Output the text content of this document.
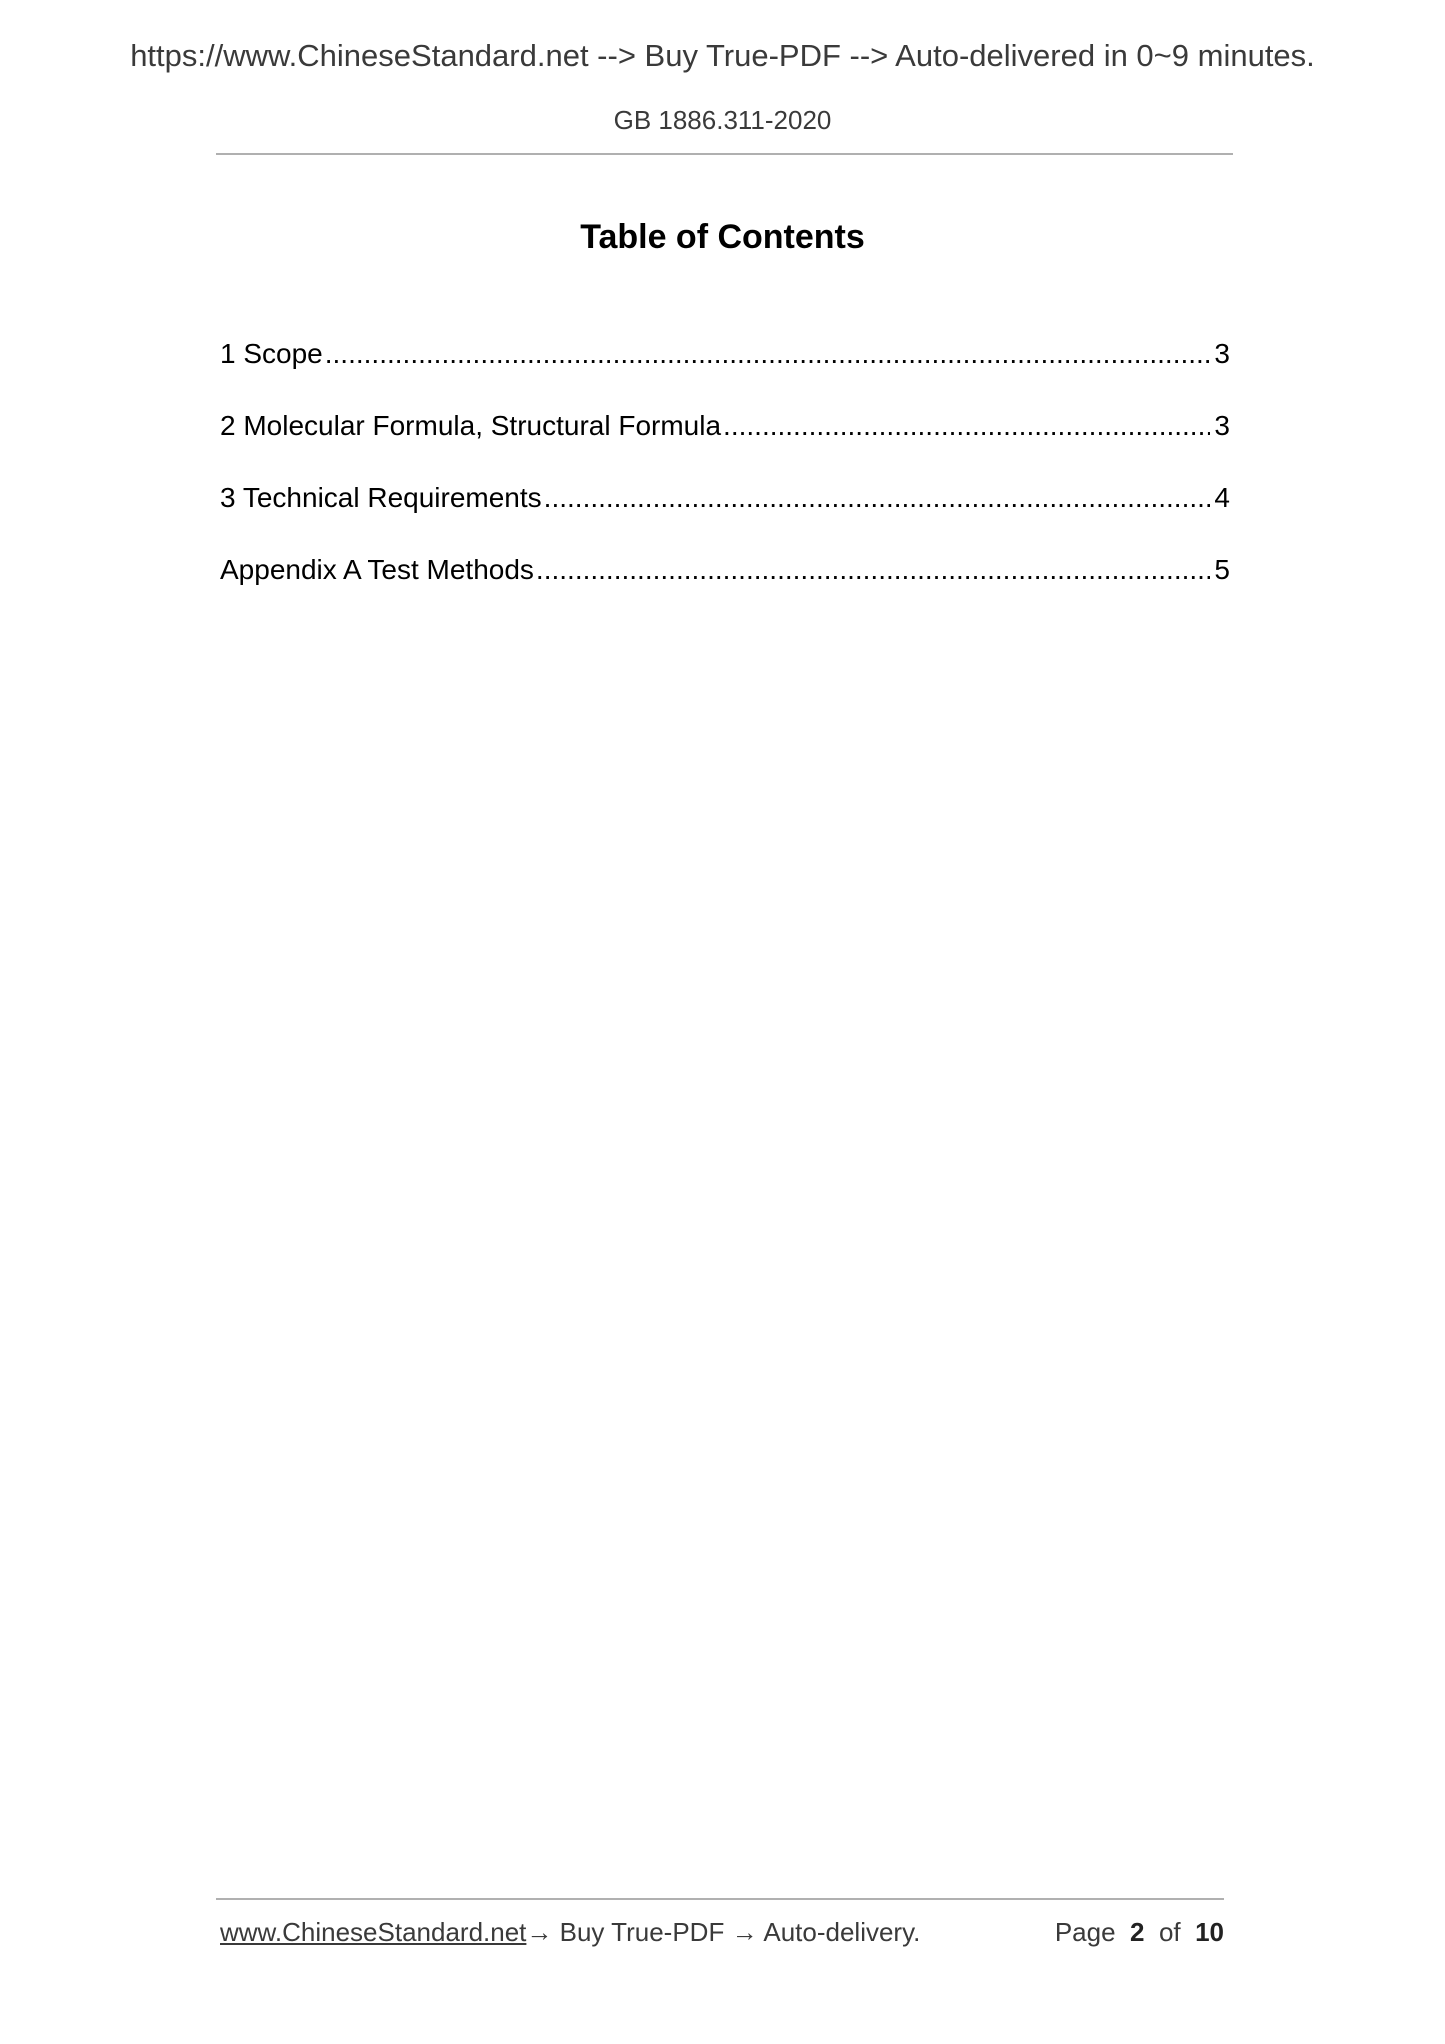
https://www.ChineseStandard.net --> Buy True-PDF --> Auto-delivered in 0~9 minutes.
GB 1886.311-2020
Table of Contents
1 Scope .....	3
2 Molecular Formula, Structural Formula .....	3
3 Technical Requirements .....	4
Appendix A Test Methods .....	5
www.ChineseStandard.net→ Buy True-PDF → Auto-delivery.	Page 2 of 10
